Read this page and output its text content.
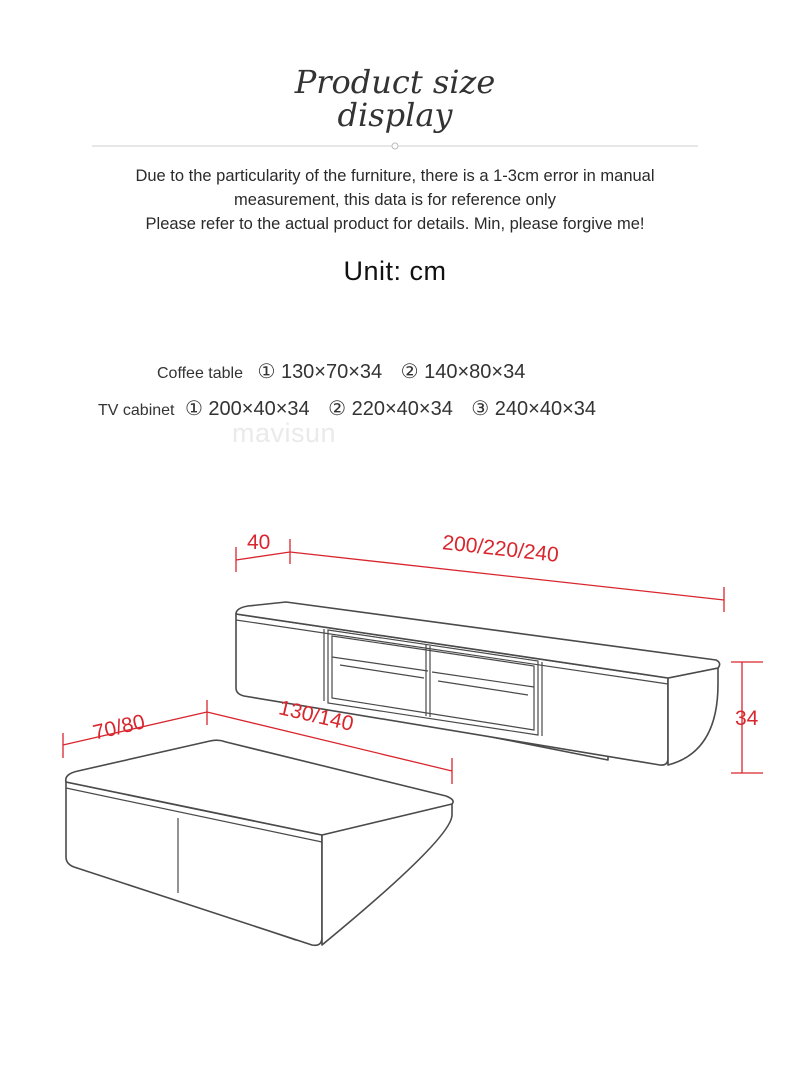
Product size
display
Due to the particularity of the furniture, there is a 1-3cm error in manual
measurement, this data is for reference only
Please refer to the actual product for details. Min, please forgive me!
Unit: cm
Coffee table ① 130×70×34 ② 140×80×34
TV cabinet ① 200×40×34 ② 220×40×34 ③ 240×40×34
mavisun
40	200/220/240
34
70/80	130/140
